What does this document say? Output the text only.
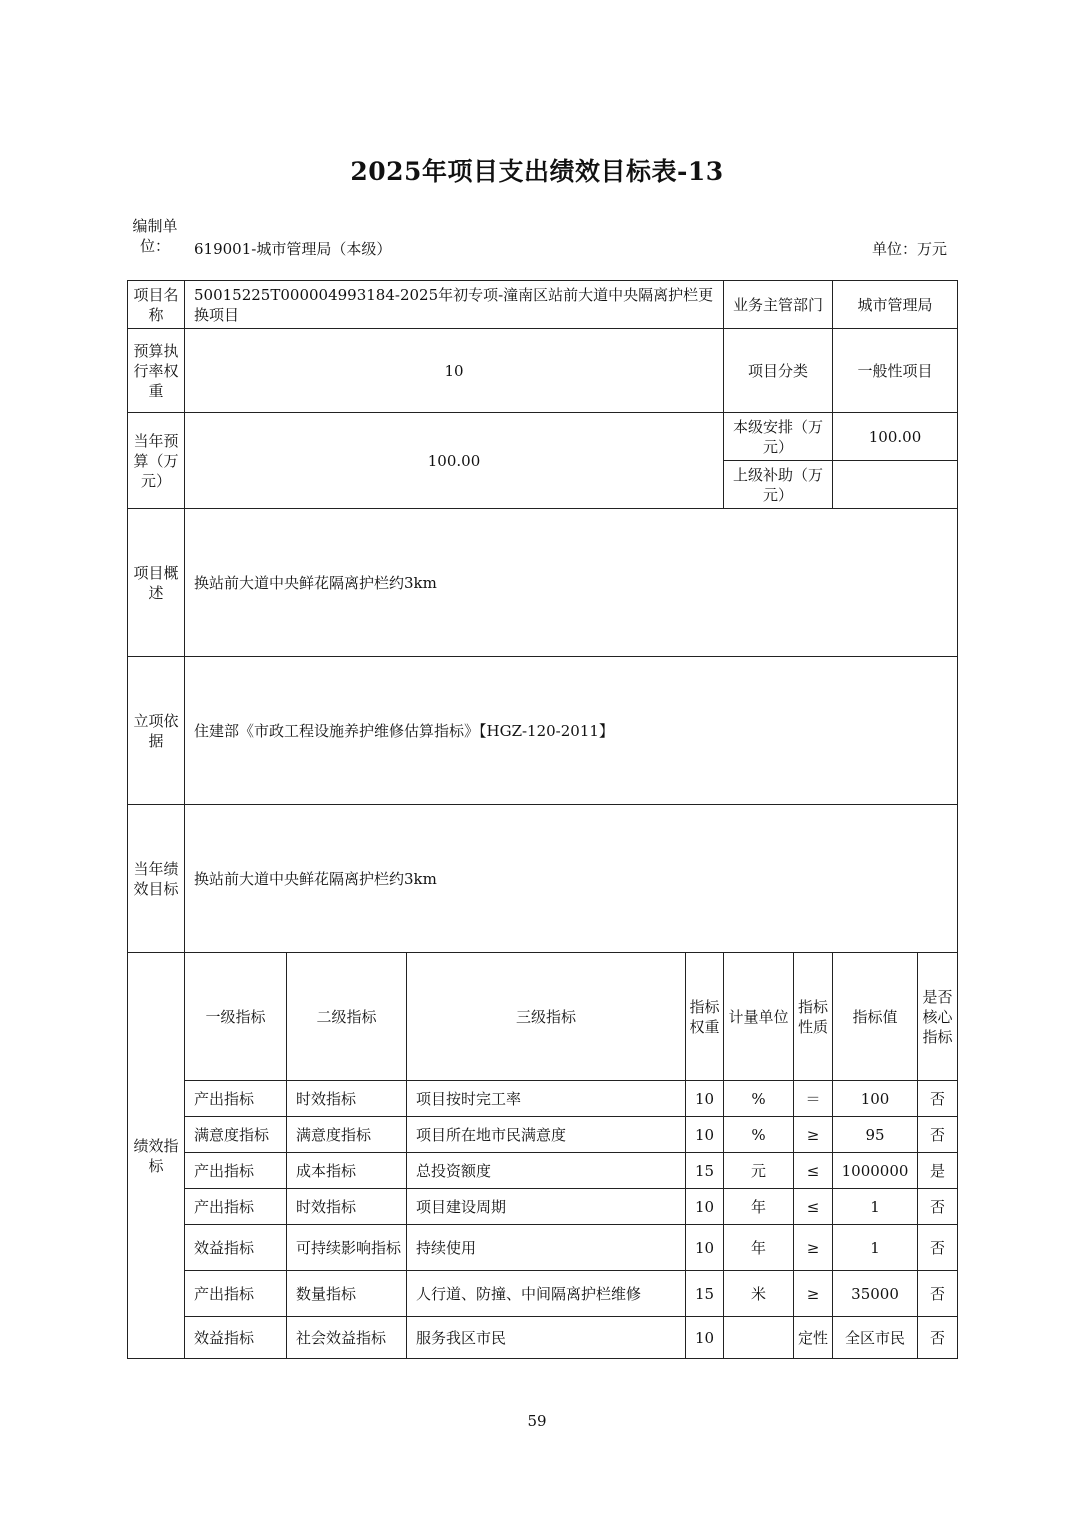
2025年项目支出绩效目标表-13
编制单位：	619001-城市管理局（本级）	单位：万元
项目名称	50015225T000004993184-2025年初专项-潼南区站前大道中央隔离护栏更换项目				业务主管部门		城市管理局	
预算执行率权重	10				项目分类		一般性项目	
当年预算（万元）	100.00				本级安排（万元）		100.00	
					上级补助（万元）			
项目概述	换站前大道中央鲜花隔离护栏约3km							
立项依据	住建部《市政工程设施养护维修估算指标》【HGZ-120-2011】							
当年绩效目标	换站前大道中央鲜花隔离护栏约3km							
绩效指标	一级指标	二级指标	三级指标	指标权重	计量单位	指标性质	指标值	是否核心指标
	产出指标	时效指标	项目按时完工率	10	%	＝	100	否
	满意度指标	满意度指标	项目所在地市民满意度	10	%	≥	95	否
	产出指标	成本指标	总投资额度	15	元	≤	1000000	是
	产出指标	时效指标	项目建设周期	10	年	≤	1	否
	效益指标	可持续影响指标	持续使用	10	年	≥	1	否
	产出指标	数量指标	人行道、防撞、中间隔离护栏维修	15	米	≥	35000	否
	效益指标	社会效益指标	服务我区市民	10		定性	全区市民	否
59
